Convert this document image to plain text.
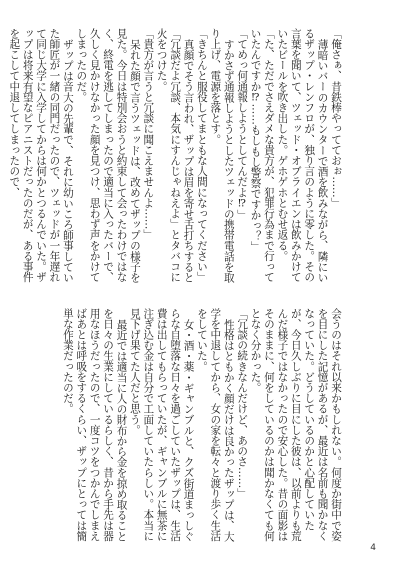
「俺さぁ、昔鉄棒やってておぉ……」

薄暗いバーのカウンターで酒を飲みながら、隣にいるザップ・レンフロが、独り言のように零した。その言葉を聞いて、ツェッド・オブライエンは飲みかけていたビールを吹き出した。ゲホゲホとむせ返る。

「た、ただでさえダメな貴方が、犯罪行為まで行っていたんですか⁉……もしもし警察ですかっ？」

「てめっ何通報しようとしてんだよ⁉」

すかさず通報しようとしたツェッドの携帯電話を取り上げ、電源を落とす。

「きちんと服役してまともな人間になってください」

真顔でそう言われ、ザップは眉を寄せ舌打ちすると「冗談だよ冗談、本気にすんじゃねえよ」とタバコに火をつけた。

「貴方が言うと冗談に聞こえませんよ……」

呆れた顔で言うツェッドは、改めてザップの様子を見た。今日は特別会おうと約束して会ったわけではなく、終電を逃してしまったので適当に入ったバーで、久しく見かけなかった顔を見つけ、思わず声をかけてしまったのだ。

ザップは音大の先輩で、それに幼いころ師事していた師匠が一緒の同門だったので、ツェッドが一年遅れて同じ大学に入学してからは何かとつるんでいた。ザップは将来有望なピアニストだったのだが、ある事件を起こして中退してしまったので、

会うのはそれ以来かもしれない。何度か街中で姿を目にした記憶があるが、最近は名前も聞かなくなっていた。どうしているのかと心配していたが、今日久しぶりに目にした彼は、以前よりも荒んだ様子ではなかったので安心した。昔の面影はそのままに、何をしているのかは聞かなくても何となく分かった。

「冗談の続きなんだけど、あのさ……」

性格はともかく顔だけは良かったザップは、大学を中退してから、女の家を転々と渡り歩く生活をしていた。

女・酒・薬・ギャンブルと、クズ街道まっしぐらな自堕落な日々を過ごしていたザップは、生活費は出してもらっていたが、ギャンブルに無茶に注ぎ込む金は自分で工面していたらしい。本当に見下げ果てた人だと思う。

最近では適当に人の財布から金を掠め取ることを日々の生業にしているらしく、昔から手先は器用なほうだったので、一度コツをつかんでしまえばあとは呼吸をするくらい、ザップにとっては簡単な作業だったのだ。

4
